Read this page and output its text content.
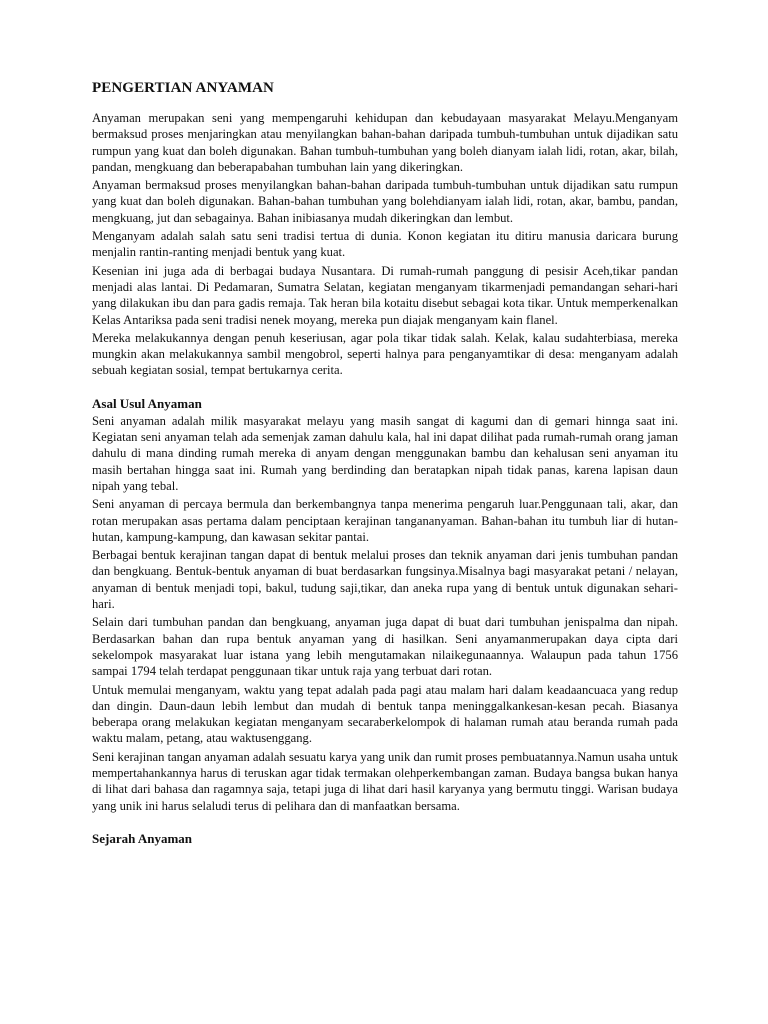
PENGERTIAN ANYAMAN

Anyaman merupakan seni yang mempengaruhi kehidupan dan kebudayaan masyarakat Melayu.Menganyam bermaksud proses menjaringkan atau menyilangkan bahan-bahan daripada tumbuh-tumbuhan untuk dijadikan satu rumpun yang kuat dan boleh digunakan. Bahan tumbuh-tumbuhan yang boleh dianyam ialah lidi, rotan, akar, bilah, pandan, mengkuang dan beberapabahan tumbuhan lain yang dikeringkan.

Anyaman bermaksud proses menyilangkan bahan-bahan daripada tumbuh-tumbuhan untuk dijadikan satu rumpun yang kuat dan boleh digunakan. Bahan-bahan tumbuhan yang bolehdianyam ialah lidi, rotan, akar, bambu, pandan, mengkuang, jut dan sebagainya. Bahan inibiasanya mudah dikeringkan dan lembut.

Menganyam adalah salah satu seni tradisi tertua di dunia. Konon kegiatan itu ditiru manusia daricara burung menjalin rantin-ranting menjadi bentuk yang kuat.

Kesenian ini juga ada di berbagai budaya Nusantara. Di rumah-rumah panggung di pesisir Aceh,tikar pandan menjadi alas lantai. Di Pedamaran, Sumatra Selatan, kegiatan menganyam tikarmenjadi pemandangan sehari-hari yang dilakukan ibu dan para gadis remaja. Tak heran bila kotaitu disebut sebagai kota tikar. Untuk memperkenalkan Kelas Antariksa pada seni tradisi nenek moyang, mereka pun diajak menganyam kain flanel.

Mereka melakukannya dengan penuh keseriusan, agar pola tikar tidak salah. Kelak, kalau sudahterbiasa, mereka mungkin akan melakukannya sambil mengobrol, seperti halnya para penganyamtikar di desa: menganyam adalah sebuah kegiatan sosial, tempat bertukarnya cerita.

Asal Usul Anyaman

Seni anyaman adalah milik masyarakat melayu yang masih sangat di kagumi dan di gemari hinnga saat ini. Kegiatan seni anyaman telah ada semenjak zaman dahulu kala, hal ini dapat dilihat pada rumah-rumah orang jaman dahulu di mana dinding rumah mereka di anyam dengan menggunakan bambu dan kehalusan seni anyaman itu masih bertahan hingga saat ini. Rumah yang berdinding dan beratapkan nipah tidak panas, karena lapisan daun nipah yang tebal.

Seni anyaman di percaya bermula dan berkembangnya tanpa menerima pengaruh luar.Penggunaan tali, akar, dan rotan merupakan asas pertama dalam penciptaan kerajinan tangananyaman. Bahan-bahan itu tumbuh liar di hutan-hutan, kampung-kampung, dan kawasan sekitar pantai.

Berbagai bentuk kerajinan tangan dapat di bentuk melalui proses dan teknik anyaman dari jenis tumbuhan pandan dan bengkuang. Bentuk-bentuk anyaman di buat berdasarkan fungsinya.Misalnya bagi masyarakat petani / nelayan, anyaman di bentuk menjadi topi, bakul, tudung saji,tikar, dan aneka rupa yang di bentuk untuk digunakan sehari-hari.

Selain dari tumbuhan pandan dan bengkuang, anyaman juga dapat di buat dari tumbuhan jenispalma dan nipah. Berdasarkan bahan dan rupa bentuk anyaman yang di hasilkan. Seni anyamanmerupakan daya cipta dari sekelompok masyarakat luar istana yang lebih mengutamakan nilaikegunaannya. Walaupun pada tahun 1756 sampai 1794 telah terdapat penggunaan tikar untuk raja yang terbuat dari rotan.

Untuk memulai menganyam, waktu yang tepat adalah pada pagi atau malam hari dalam keadaancuaca yang redup dan dingin. Daun-daun lebih lembut dan mudah di bentuk tanpa meninggalkankesan-kesan pecah. Biasanya beberapa orang melakukan kegiatan menganyam secaraberkelompok di halaman rumah atau beranda rumah pada waktu malam, petang, atau waktusenggang.

Seni kerajinan tangan anyaman adalah sesuatu karya yang unik dan rumit proses pembuatannya.Namun usaha untuk mempertahankannya harus di teruskan agar tidak termakan olehperkembangan zaman. Budaya bangsa bukan hanya di lihat dari bahasa dan ragamnya saja, tetapi juga di lihat dari hasil karyanya yang bermutu tinggi. Warisan budaya yang unik ini harus selaludi terus di pelihara dan di manfaatkan bersama.

Sejarah Anyaman
